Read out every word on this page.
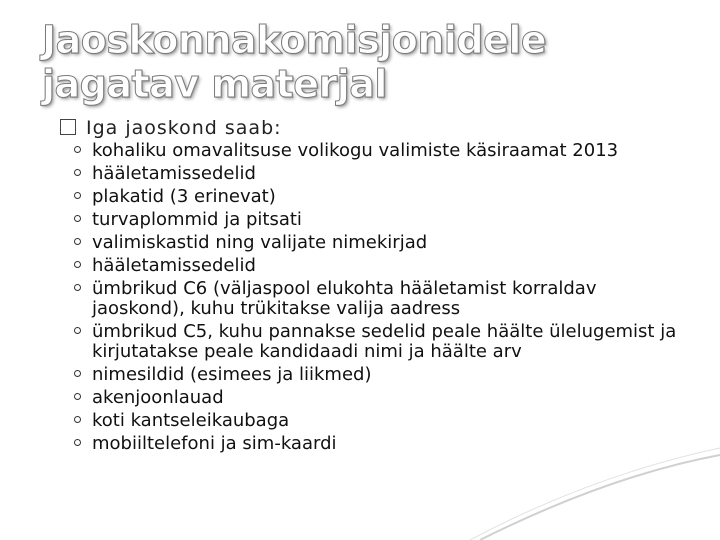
Jaoskonnakomisjonidele jagatav materjal
Iga jaoskond saab:
kohaliku omavalitsuse volikogu valimiste käsiraamat 2013
hääletamissedelid
plakatid (3 erinevat)
turvaplommid ja pitsati
valimiskastid ning valijate nimekirjad
hääletamissedelid
ümbrikud C6 (väljaspool elukohta hääletamist korraldav jaoskond), kuhu trükitakse valija aadress
ümbrikud C5, kuhu pannakse sedelid peale häälte ülelugemist ja kirjutatakse peale kandidaadi nimi ja häälte arv
nimesildid (esimees ja liikmed)
akenjoonlauad
koti kantseleikaubaga
mobiiltelefoni ja sim-kaardi
